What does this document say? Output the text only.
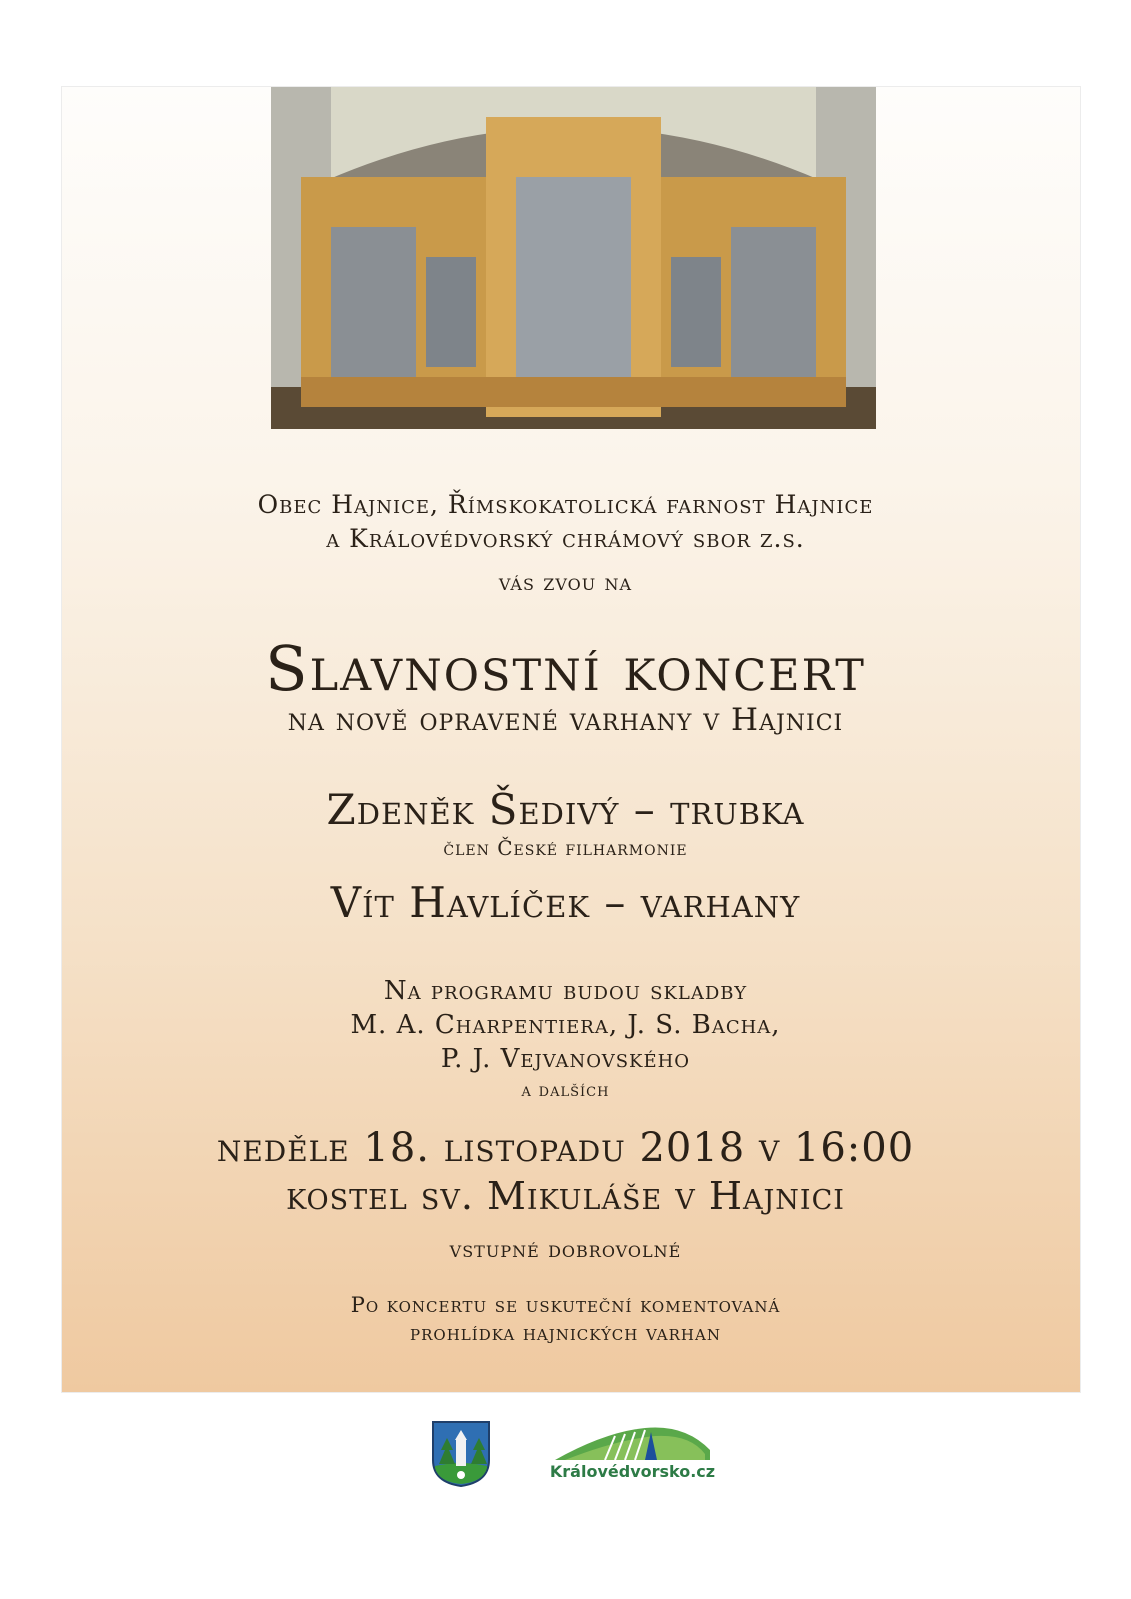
Obec Hajnice, Římskokatolická farnost Hajnice
a Královédvorský chrámový sbor z.s.
vás zvou na
Slavnostní koncert
na nově opravené varhany v Hajnici
Zdeněk Šedivý – trubka
člen České filharmonie
Vít Havlíček – varhany
Na programu budou skladby
M. A. Charpentiera, J. S. Bacha,
P. J. Vejvanovského
a dalších
neděle 18. listopadu 2018 v 16:00
kostel sv. Mikuláše v Hajnici
vstupné dobrovolné
Po koncertu se uskuteční komentovaná
prohlídka hajnických varhan
Královédvorsko.cz
